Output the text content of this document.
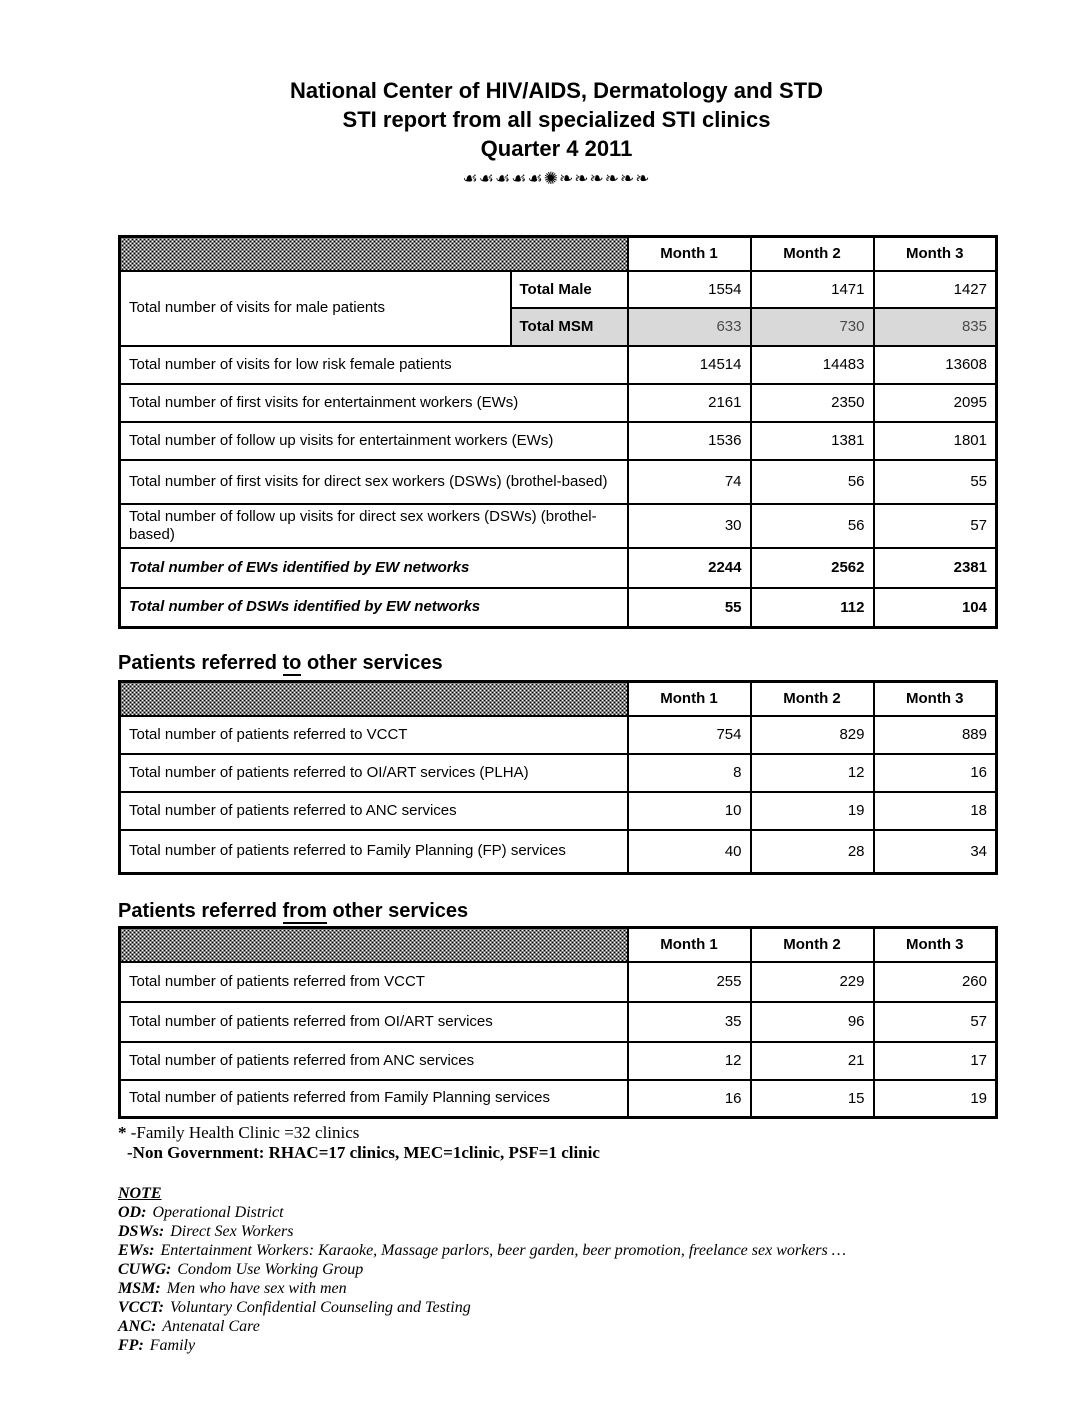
National Center of HIV/AIDS, Dermatology and STD
STI report from all specialized STI clinics
Quarter 4 2011
☙☙☙☙☙✺❧❧❧❧❧❧
		Month 1	Month 2	Month 3
Total number of visits for male patients	Total Male	1554	1471	1427
	Total MSM	633	730	835
Total number of visits for low risk female patients		14514	14483	13608
Total number of first visits for entertainment workers (EWs)		2161	2350	2095
Total number of follow up visits for entertainment workers (EWs)		1536	1381	1801
Total number of first visits for direct sex workers (DSWs) (brothel-based)		74	56	55
Total number of follow up visits for direct sex workers (DSWs) (brothel-based)		30	56	57
Total number of EWs identified by EW networks		2244	2562	2381
Total number of DSWs identified by EW networks		55	112	104
Patients referred to other services
	Month 1	Month 2	Month 3
Total number of patients referred to VCCT	754	829	889
Total number of patients referred to OI/ART services (PLHA)	8	12	16
Total number of patients referred to ANC services	10	19	18
Total number of patients referred to Family Planning (FP) services	40	28	34
Patients referred from other services
	Month 1	Month 2	Month 3
Total number of patients referred from VCCT	255	229	260
Total number of patients referred from OI/ART services	35	96	57
Total number of patients referred from ANC services	12	21	17
Total number of patients referred from Family Planning services	16	15	19
* -Family Health Clinic =32 clinics
-Non Government: RHAC=17 clinics, MEC=1clinic, PSF=1 clinic
NOTE
OD: Operational District
DSWs: Direct Sex Workers
EWs: Entertainment Workers: Karaoke, Massage parlors, beer garden, beer promotion, freelance sex workers …
CUWG: Condom Use Working Group
MSM: Men who have sex with men
VCCT: Voluntary Confidential Counseling and Testing
ANC: Antenatal Care
FP: Family
